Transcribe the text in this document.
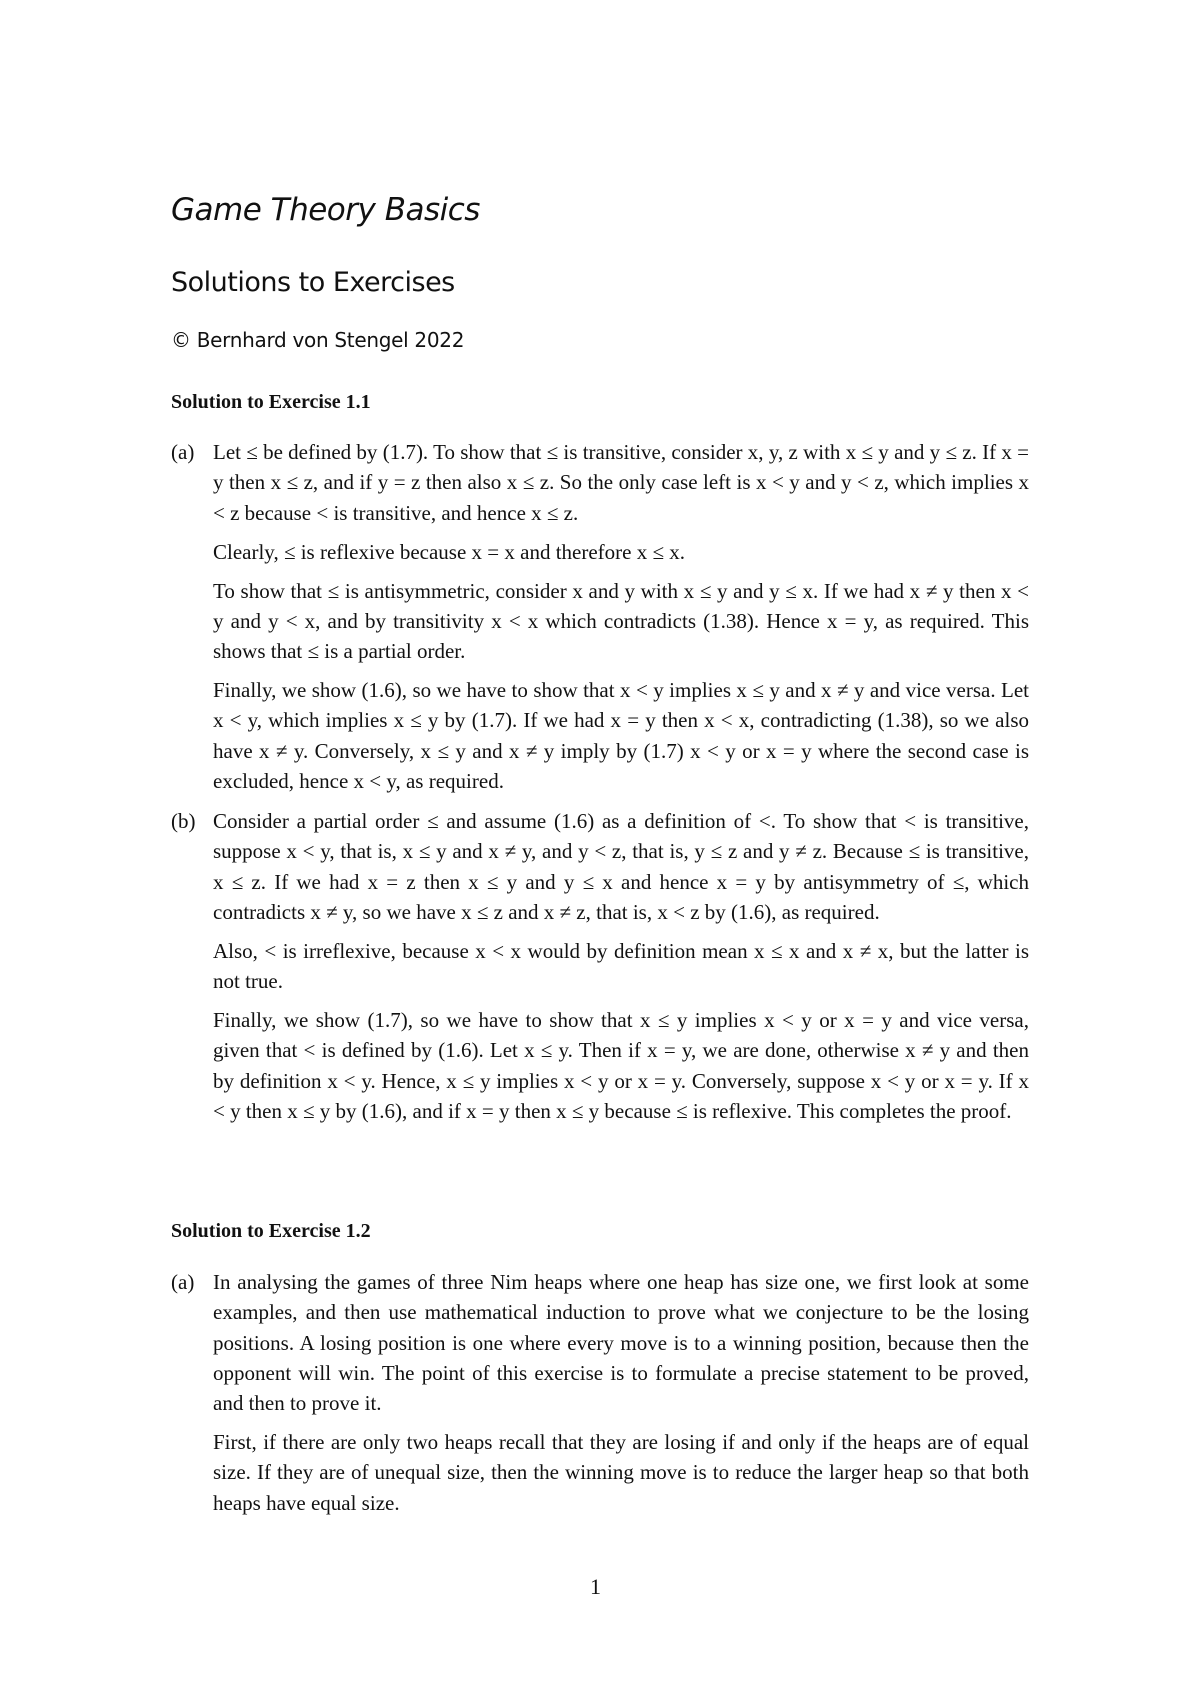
Game Theory Basics
Solutions to Exercises
© Bernhard von Stengel 2022
Solution to Exercise 1.1
(a) Let ≤ be defined by (1.7). To show that ≤ is transitive, consider x, y, z with x ≤ y and y ≤ z. If x = y then x ≤ z, and if y = z then also x ≤ z. So the only case left is x < y and y < z, which implies x < z because < is transitive, and hence x ≤ z.

Clearly, ≤ is reflexive because x = x and therefore x ≤ x.

To show that ≤ is antisymmetric, consider x and y with x ≤ y and y ≤ x. If we had x ≠ y then x < y and y < x, and by transitivity x < x which contradicts (1.38). Hence x = y, as required. This shows that ≤ is a partial order.

Finally, we show (1.6), so we have to show that x < y implies x ≤ y and x ≠ y and vice versa. Let x < y, which implies x ≤ y by (1.7). If we had x = y then x < x, contradicting (1.38), so we also have x ≠ y. Conversely, x ≤ y and x ≠ y imply by (1.7) x < y or x = y where the second case is excluded, hence x < y, as required.

(b) Consider a partial order ≤ and assume (1.6) as a definition of <. To show that < is transitive, suppose x < y, that is, x ≤ y and x ≠ y, and y < z, that is, y ≤ z and y ≠ z. Because ≤ is transitive, x ≤ z. If we had x = z then x ≤ y and y ≤ x and hence x = y by antisymmetry of ≤, which contradicts x ≠ y, so we have x ≤ z and x ≠ z, that is, x < z by (1.6), as required.

Also, < is irreflexive, because x < x would by definition mean x ≤ x and x ≠ x, but the latter is not true.

Finally, we show (1.7), so we have to show that x ≤ y implies x < y or x = y and vice versa, given that < is defined by (1.6). Let x ≤ y. Then if x = y, we are done, otherwise x ≠ y and then by definition x < y. Hence, x ≤ y implies x < y or x = y. Conversely, suppose x < y or x = y. If x < y then x ≤ y by (1.6), and if x = y then x ≤ y because ≤ is reflexive. This completes the proof.

Solution to Exercise 1.2
(a) In analysing the games of three Nim heaps where one heap has size one, we first look at some examples, and then use mathematical induction to prove what we conjecture to be the losing positions. A losing position is one where every move is to a winning position, because then the opponent will win. The point of this exercise is to formulate a precise statement to be proved, and then to prove it.

First, if there are only two heaps recall that they are losing if and only if the heaps are of equal size. If they are of unequal size, then the winning move is to reduce the larger heap so that both heaps have equal size.

1
